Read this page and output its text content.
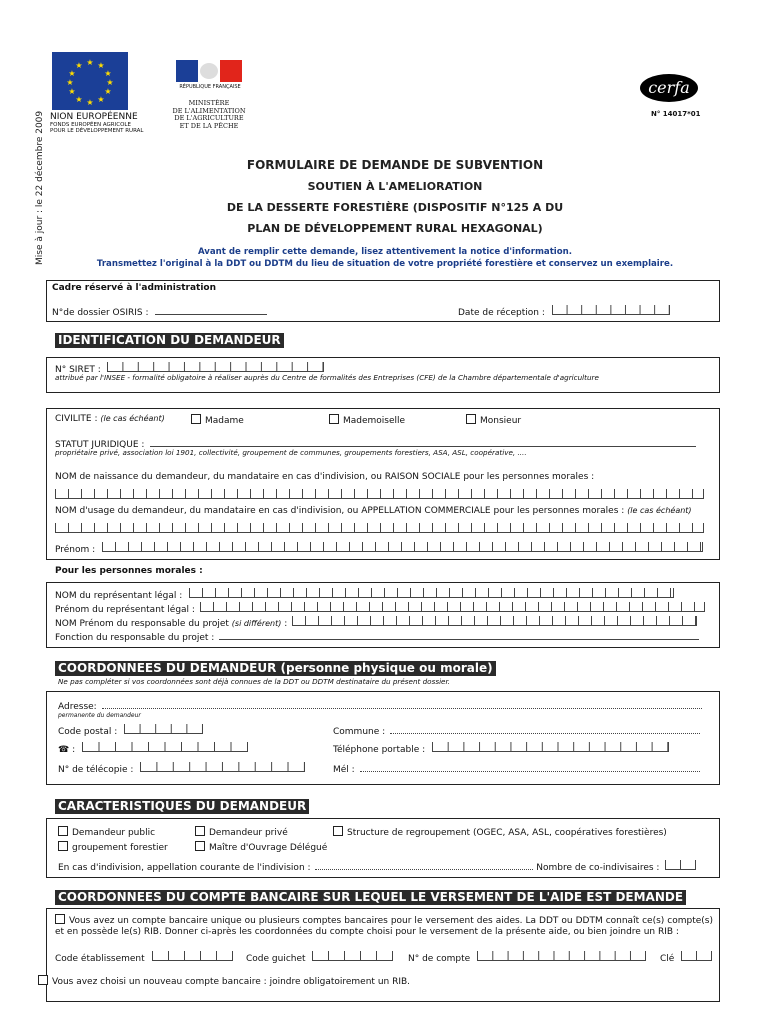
Mise à jour : le 22 décembre 2009
★ ★
★
★
★
★
★
★
★
★
★
★
NION EUROPÉENNE
FONDS EUROPÉEN AGRICOLE
POUR LE DÉVELOPPEMENT RURAL
RÉPUBLIQUE FRANÇAISE
MINISTÈRE
DE L'ALIMENTATION
DE L'AGRICULTURE
ET DE LA PÊCHE
cerfa
N° 14017*01
FORMULAIRE DE DEMANDE DE SUBVENTION
SOUTIEN À L'AMELIORATION
DE LA DESSERTE FORESTIÈRE (DISPOSITIF N°125 A DU
PLAN DE DÉVELOPPEMENT RURAL HEXAGONAL)
Avant de remplir cette demande, lisez attentivement la notice d'information.
Transmettez l'original à la DDT ou DDTM du lieu de situation de votre propriété forestière et conservez un exemplaire.
Cadre réservé à l'administration
N°de dossier OSIRIS :	Date de réception :
IDENTIFICATION DU DEMANDEUR
N° SIRET :
attribué par l'INSEE - formalité obligatoire à réaliser auprès du Centre de formalités des Entreprises (CFE) de la Chambre départementale d'agriculture
CIVILITE : (le cas échéant)	Madame	Mademoiselle	Monsieur
STATUT JURIDIQUE :
propriétaire privé, association loi 1901, collectivité, groupement de communes, groupements forestiers, ASA, ASL, coopérative, ....
NOM de naissance du demandeur, du mandataire en cas d'indivision, ou RAISON SOCIALE pour les personnes morales :
NOM d'usage du demandeur, du mandataire en cas d'indivision, ou APPELLATION COMMERCIALE pour les personnes morales : (le cas échéant)
Prénom :
Pour les personnes morales :
NOM du représentant légal :
Prénom du représentant légal :
NOM Prénom du responsable du projet (si différent) :
Fonction du responsable du projet :
COORDONNEES DU DEMANDEUR (personne physique ou morale)
Ne pas compléter si vos coordonnées sont déjà connues de la DDT ou DDTM destinataire du présent dossier.
Adresse:
permanente du demandeur
Code postal :	Commune :
☎ :	Téléphone portable :
N° de télécopie :	Mél :
CARACTERISTIQUES DU DEMANDEUR
Demandeur public	Demandeur privé	Structure de regroupement (OGEC, ASA, ASL, coopératives forestières)
groupement forestier	Maître d'Ouvrage Délégué
En cas d'indivision, appellation courante de l'indivision :	Nombre de co-indivisaires :
COORDONNEES DU COMPTE BANCAIRE SUR LEQUEL LE VERSEMENT DE L'AIDE EST DEMANDE
Vous avez un compte bancaire unique ou plusieurs comptes bancaires pour le versement des aides. La DDT ou DDTM connaît ce(s) compte(s) et en possède le(s) RIB. Donner ci-après les coordonnées du compte choisi pour le versement de la présente aide, ou bien joindre un RIB :
Code établissement	Code guichet	N° de compte	Clé
Vous avez choisi un nouveau compte bancaire : joindre obligatoirement un RIB.
